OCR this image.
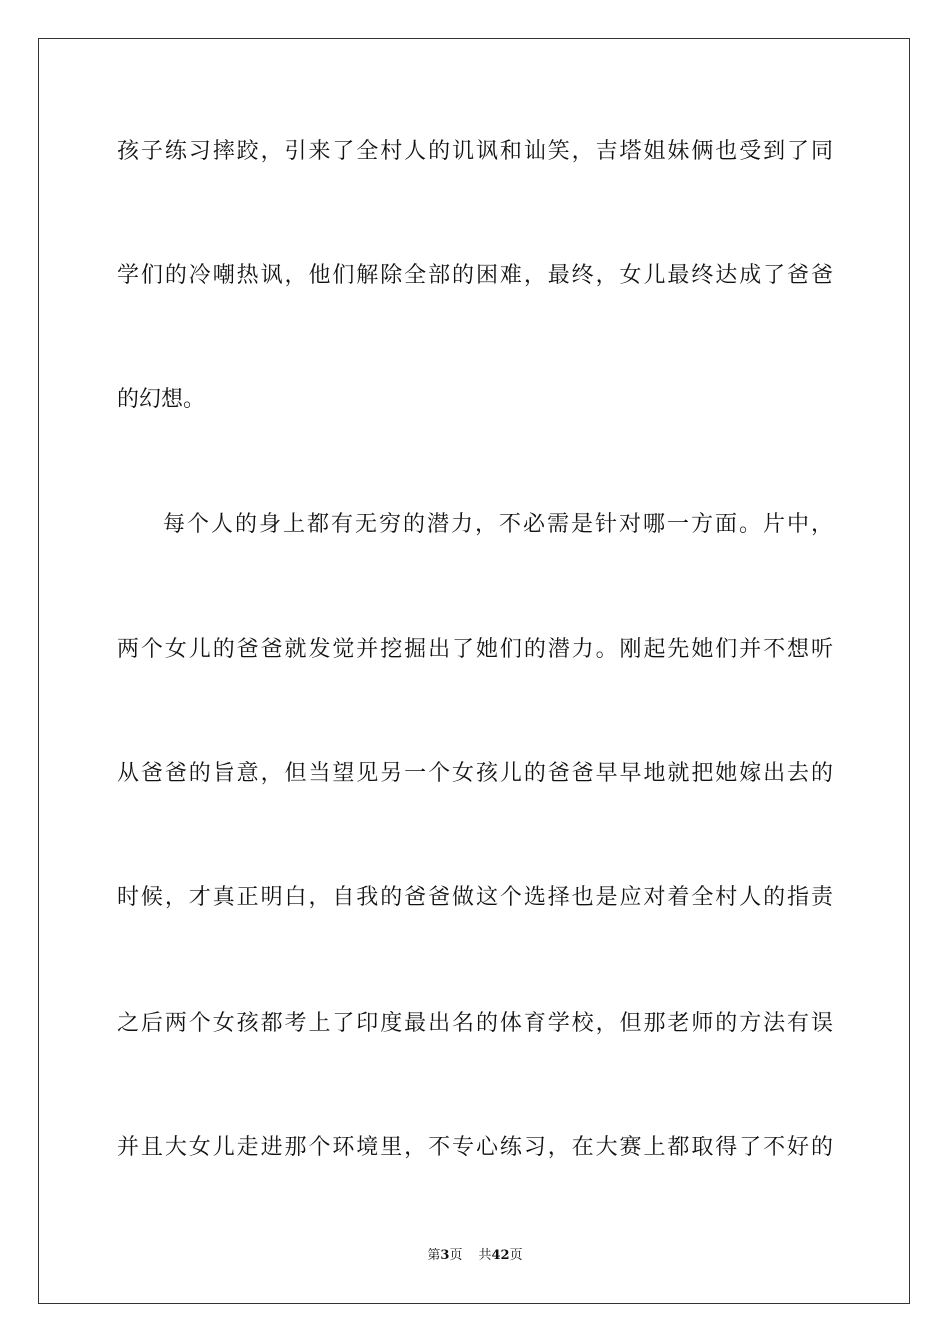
孩子练习摔跤，引来了全村人的讥讽和讪笑，吉塔姐妹俩也受到了同
学们的冷嘲热讽，他们解除全部的困难，最终，女儿最终达成了爸爸
的幻想。
每个人的身上都有无穷的潜力，不必需是针对哪一方面。片中，
两个女儿的爸爸就发觉并挖掘出了她们的潜力。刚起先她们并不想听
从爸爸的旨意，但当望见另一个女孩儿的爸爸早早地就把她嫁出去的
时候，才真正明白，自我的爸爸做这个选择也是应对着全村人的指责
之后两个女孩都考上了印度最出名的体育学校，但那老师的方法有误
并且大女儿走进那个环境里，不专心练习，在大赛上都取得了不好的
第3页 共42页
